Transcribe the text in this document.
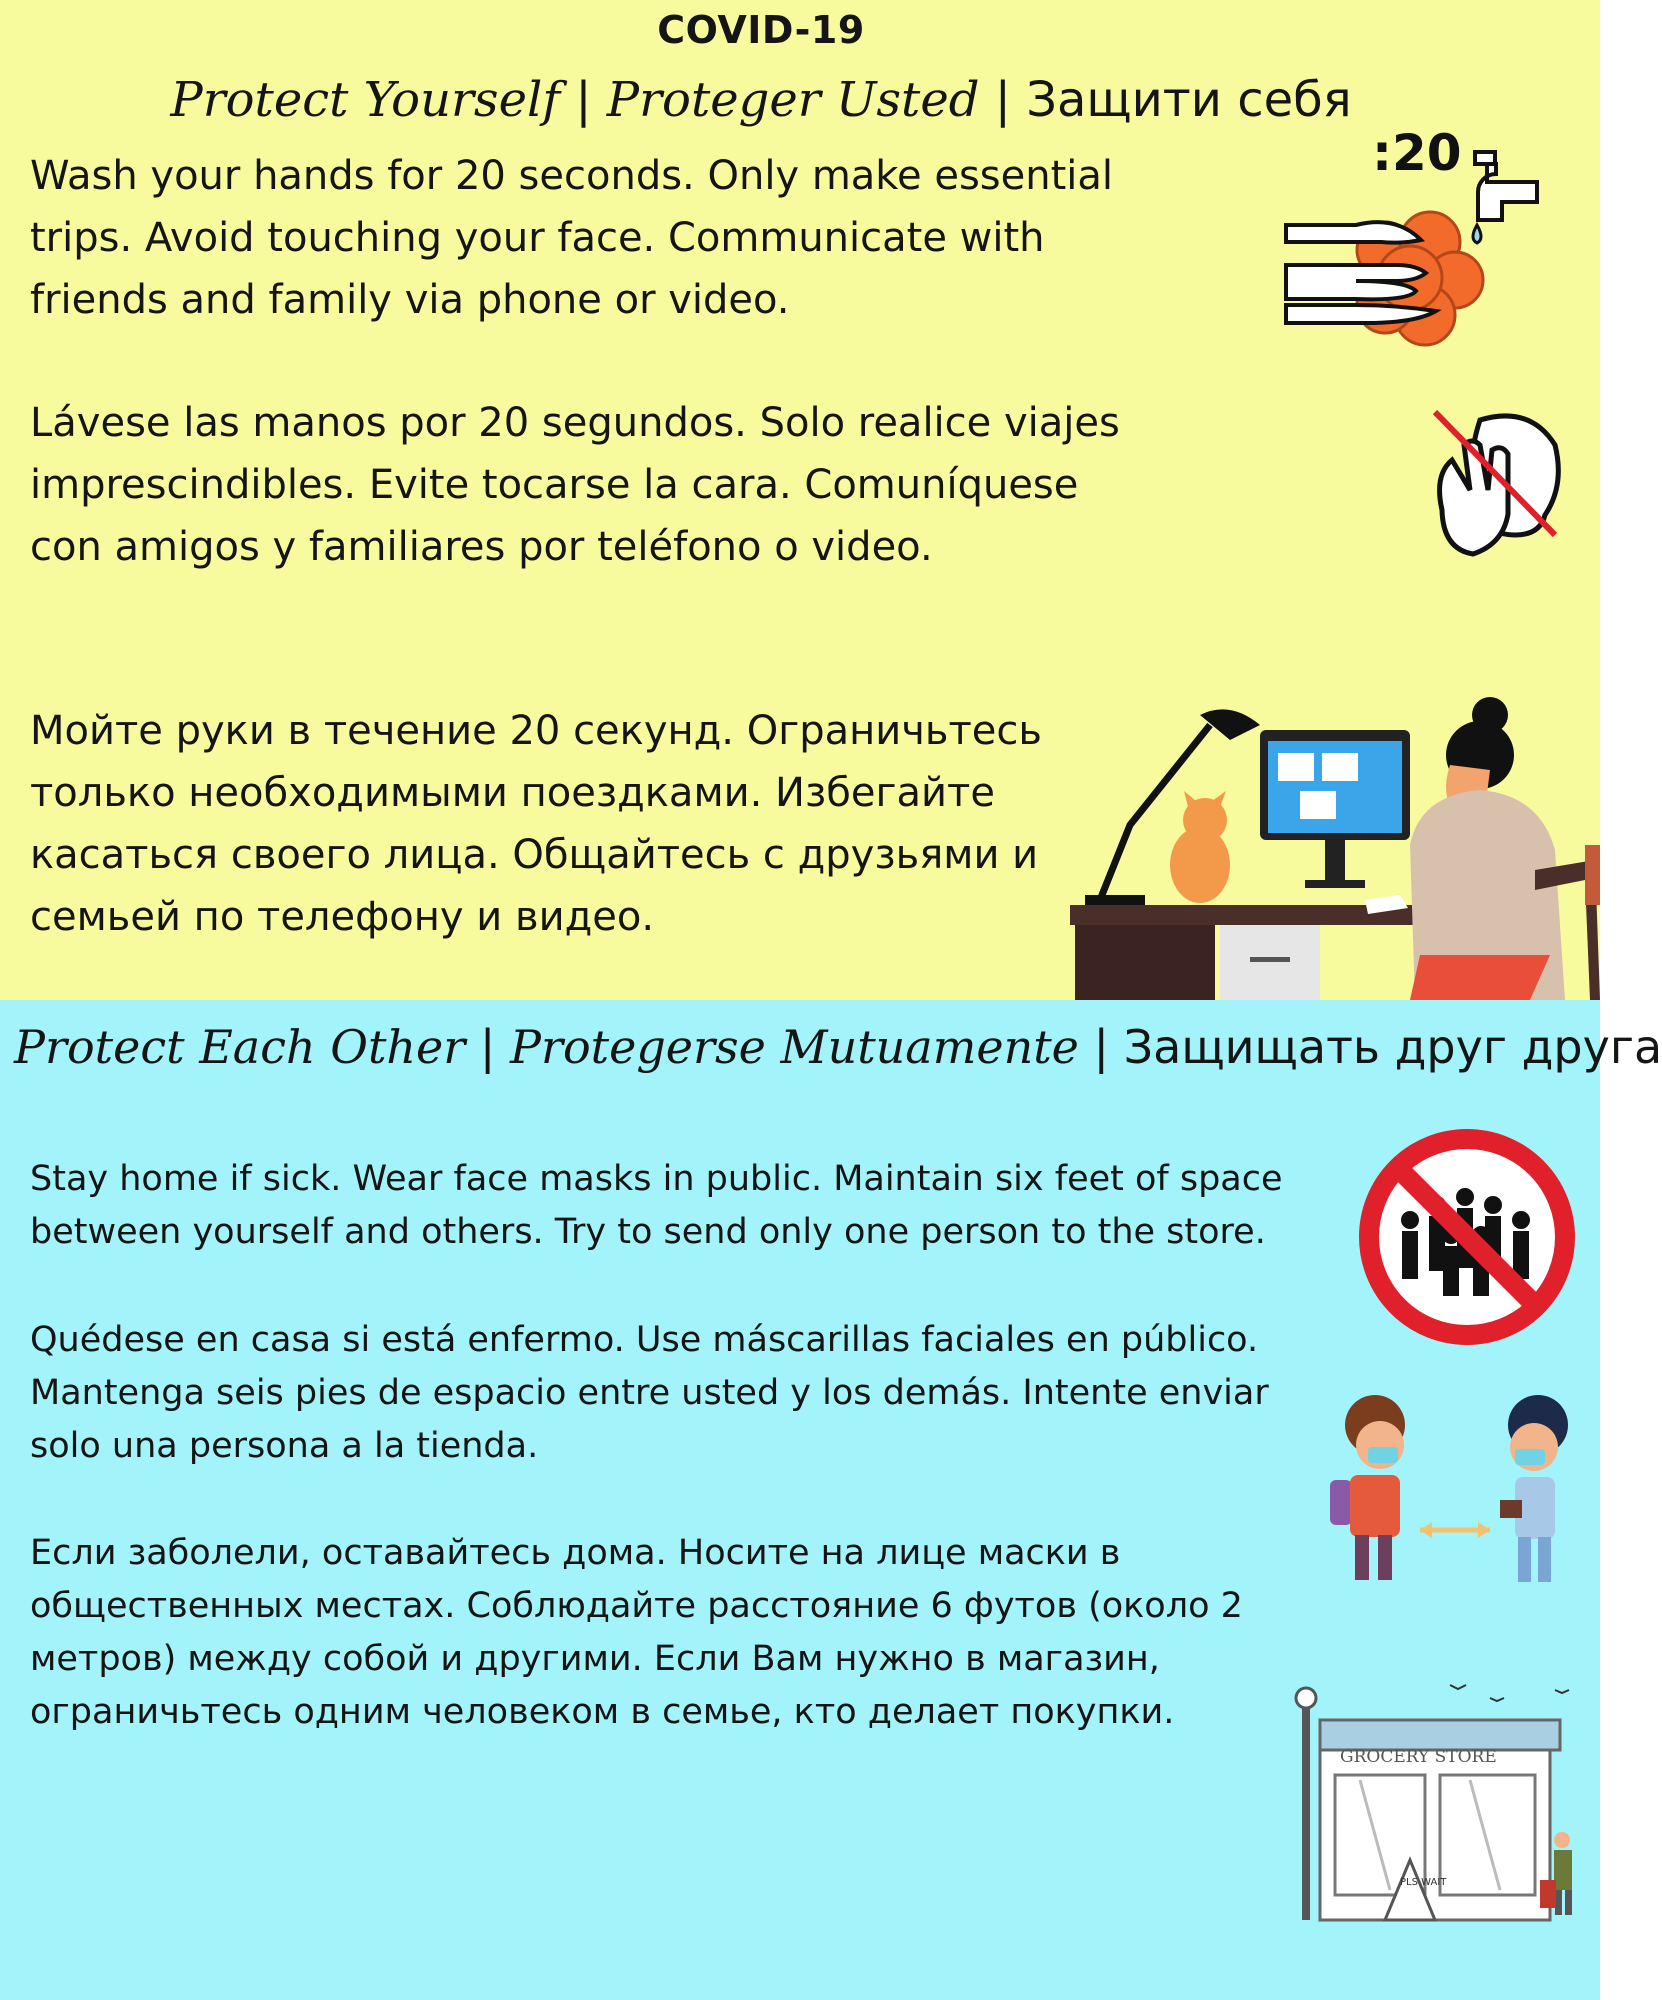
COVID-19
Protect Yourself | Proteger Usted | Защити себя

Wash your hands for 20 seconds. Only make essential trips. Avoid touching your face. Communicate with friends and family via phone or video.

Lávese las manos por 20 segundos. Solo realice viajes imprescindibles. Evite tocarse la cara. Comuníquese con amigos y familiares por teléfono o video.

Мойте руки в течение 20 секунд. Ограничьтесь только необходимыми поездками. Избегайте касаться своего лица. Общайтесь с друзьями и семьей по телефону и видео.

:20
Protect Each Other | Protegerse Mutuamente | Защищать друг друга

Stay home if sick. Wear face masks in public. Maintain six feet of space between yourself and others. Try to send only one person to the store.

Quédese en casa si está enfermo. Use máscarillas faciales en público. Mantenga seis pies de espacio entre usted y los demás. Intente enviar solo una persona a la tienda.

Если заболели, оставайтесь дома. Носите на лице маски в общественных местах. Соблюдайте расстояние 6 футов (около 2 метров) между собой и другими. Если Вам нужно в магазин, ограничьтесь одним человеком в семье, кто делает покупки.

GROCERY STORE
PLS WAIT
